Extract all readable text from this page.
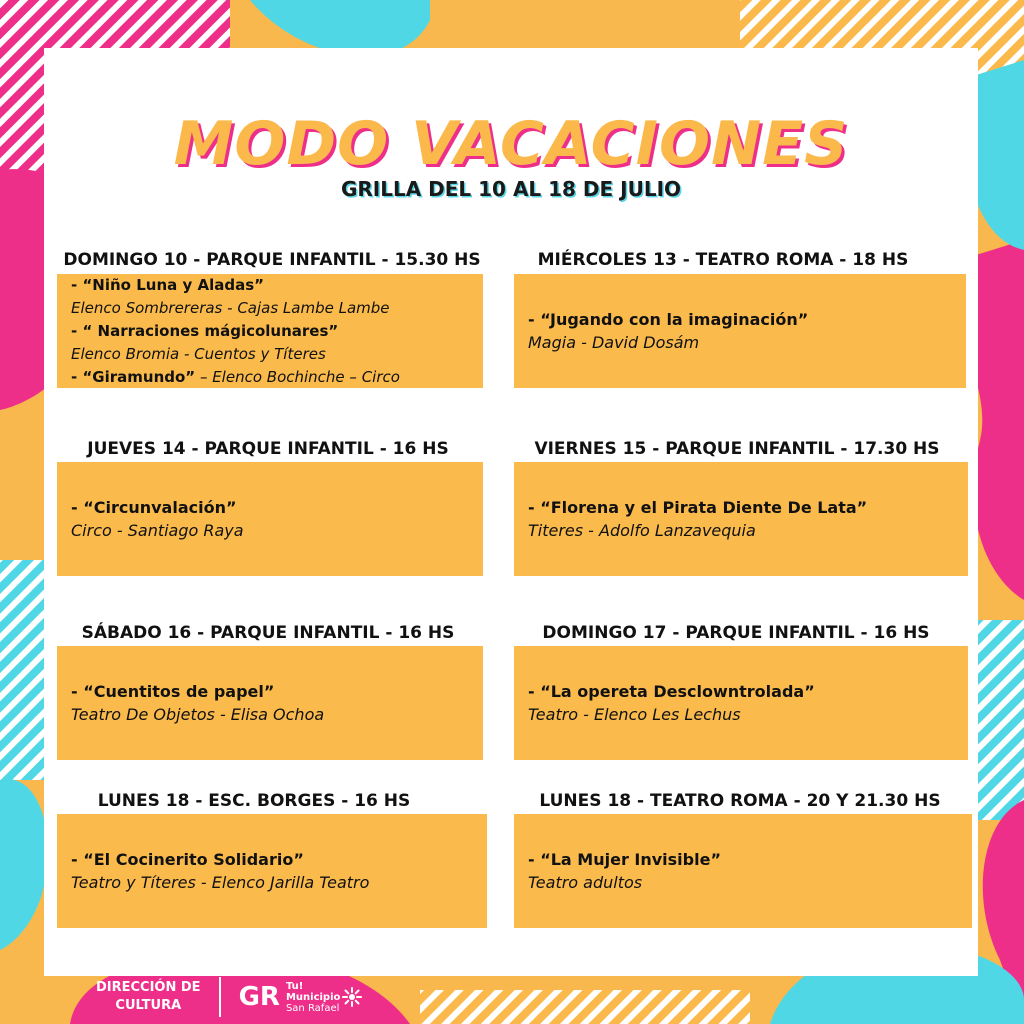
MODO VACACIONES
GRILLA DEL 10 AL 18 DE JULIO
DOMINGO 10 - PARQUE INFANTIL - 15.30 HS
- “Niño Luna y Aladas”
Elenco Sombrereras - Cajas Lambe Lambe
- “ Narraciones mágicolunares”
Elenco Bromia - Cuentos y Títeres
- “Giramundo” – Elenco Bochinche – Circo
MIÉRCOLES 13 - TEATRO ROMA - 18 HS
- “Jugando con la imaginación”
Magia - David Dosám
JUEVES 14 - PARQUE INFANTIL - 16 HS
- “Circunvalación”
Circo - Santiago Raya
VIERNES 15 - PARQUE INFANTIL - 17.30 HS
- “Florena y el Pirata Diente De Lata”
Titeres - Adolfo Lanzavequia
SÁBADO 16 - PARQUE INFANTIL - 16 HS
- “Cuentitos de papel”
Teatro De Objetos - Elisa Ochoa
DOMINGO 17 - PARQUE INFANTIL - 16 HS
- “La opereta Desclowntrolada”
Teatro - Elenco Les Lechus
LUNES 18 - ESC. BORGES - 16 HS
- “El Cocinerito Solidario”
Teatro y Títeres - Elenco Jarilla Teatro
LUNES 18 - TEATRO ROMA - 20 Y 21.30 HS
- “La Mujer Invisible”
Teatro adultos
DIRECCIÓN DE
CULTURA	GR Tu!
Municipio
San Rafael
